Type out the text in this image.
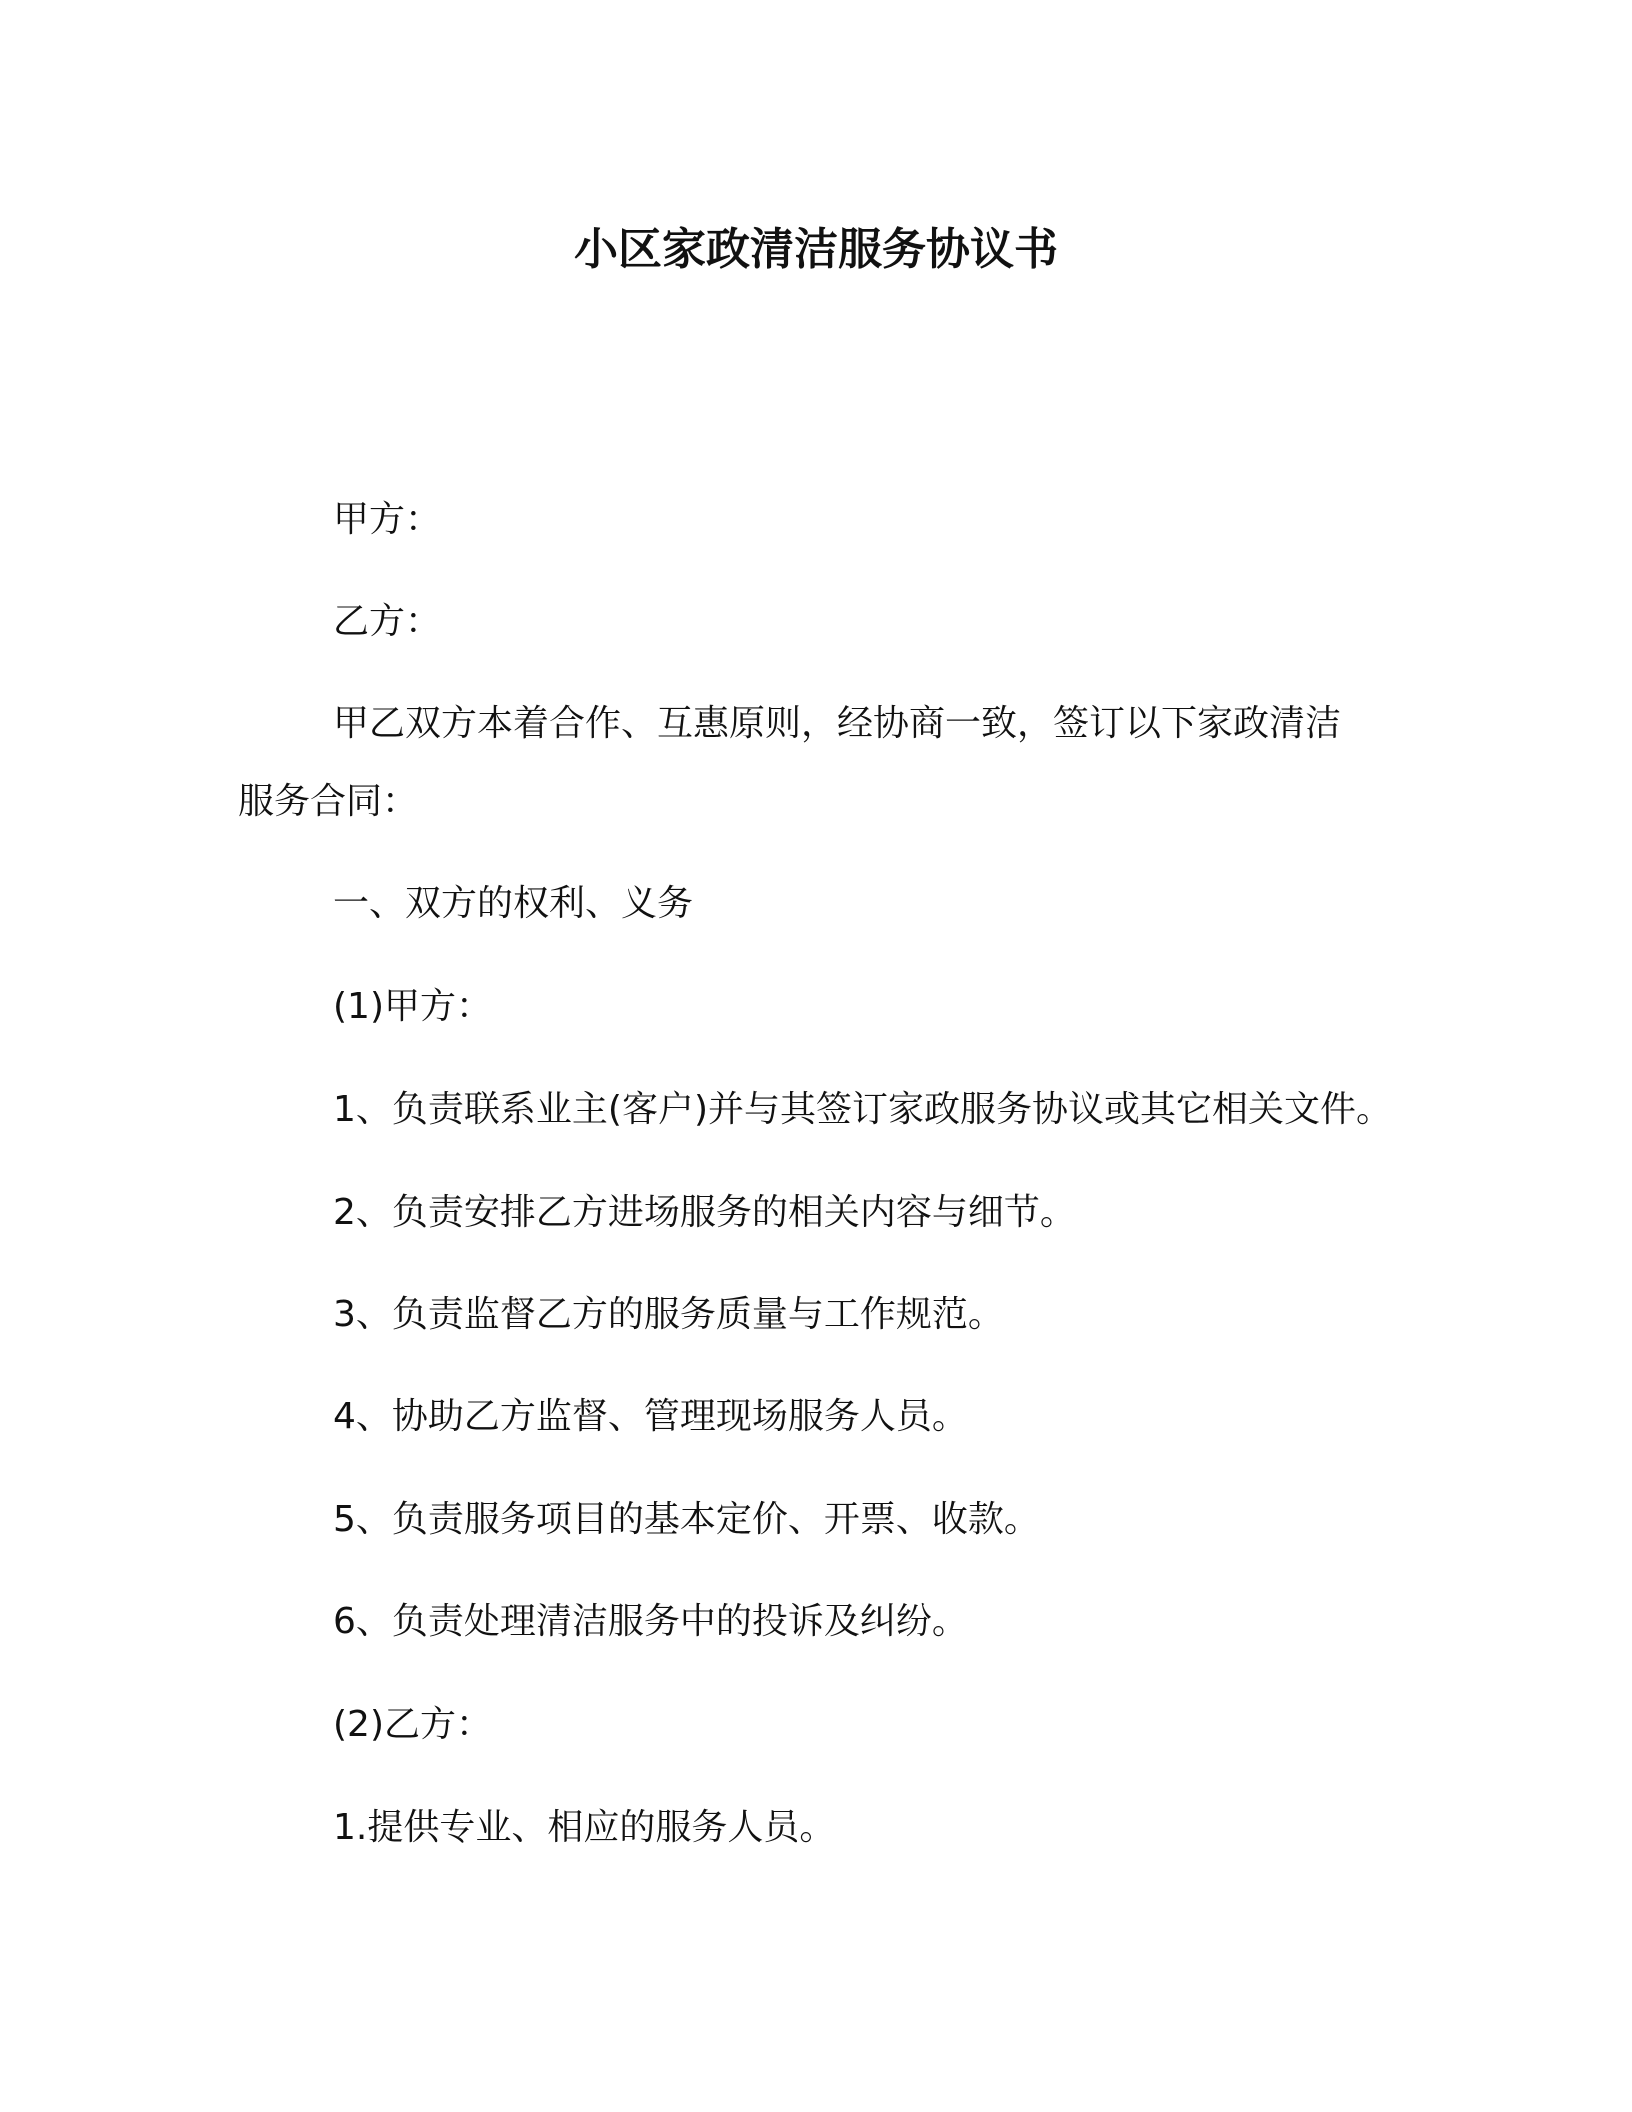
小区家政清洁服务协议书
甲方：
乙方：
甲乙双方本着合作、互惠原则，经协商一致，签订以下家政清洁
服务合同：
一、双方的权利、义务
(1)甲方：
1、负责联系业主(客户)并与其签订家政服务协议或其它相关文件。
2、负责安排乙方进场服务的相关内容与细节。
3、负责监督乙方的服务质量与工作规范。
4、协助乙方监督、管理现场服务人员。
5、负责服务项目的基本定价、开票、收款。
6、负责处理清洁服务中的投诉及纠纷。
(2)乙方：
1.提供专业、相应的服务人员。
